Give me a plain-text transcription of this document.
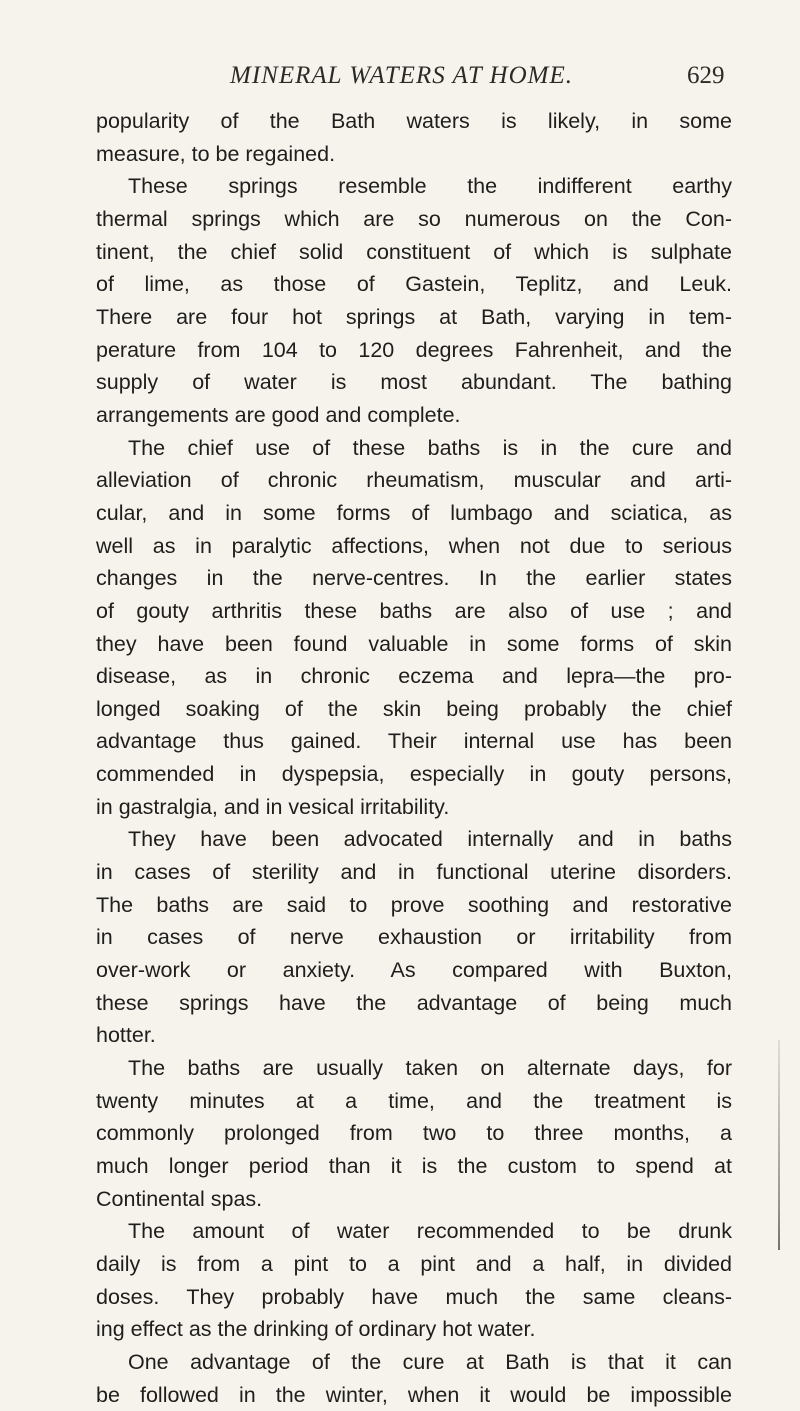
MINERAL WATERS AT HOME.	629
popularity of the Bath waters is likely, in some
measure, to be regained.
These springs resemble the indifferent earthy
thermal springs which are so numerous on the Con-
tinent, the chief solid constituent of which is sulphate
of lime, as those of Gastein, Teplitz, and Leuk.
There are four hot springs at Bath, varying in tem-
perature from 104 to 120 degrees Fahrenheit, and the
supply of water is most abundant. The bathing
arrangements are good and complete.
The chief use of these baths is in the cure and
alleviation of chronic rheumatism, muscular and arti-
cular, and in some forms of lumbago and sciatica, as
well as in paralytic affections, when not due to serious
changes in the nerve-centres. In the earlier states
of gouty arthritis these baths are also of use ; and
they have been found valuable in some forms of skin
disease, as in chronic eczema and lepra—the pro-
longed soaking of the skin being probably the chief
advantage thus gained. Their internal use has been
commended in dyspepsia, especially in gouty persons,
in gastralgia, and in vesical irritability.
They have been advocated internally and in baths
in cases of sterility and in functional uterine disorders.
The baths are said to prove soothing and restorative
in cases of nerve exhaustion or irritability from
over-work or anxiety. As compared with Buxton,
these springs have the advantage of being much
hotter.
The baths are usually taken on alternate days, for
twenty minutes at a time, and the treatment is
commonly prolonged from two to three months, a
much longer period than it is the custom to spend at
Continental spas.
The amount of water recommended to be drunk
daily is from a pint to a pint and a half, in divided
doses. They probably have much the same cleans-
ing effect as the drinking of ordinary hot water.
One advantage of the cure at Bath is that it can
be followed in the winter, when it would be impossible
